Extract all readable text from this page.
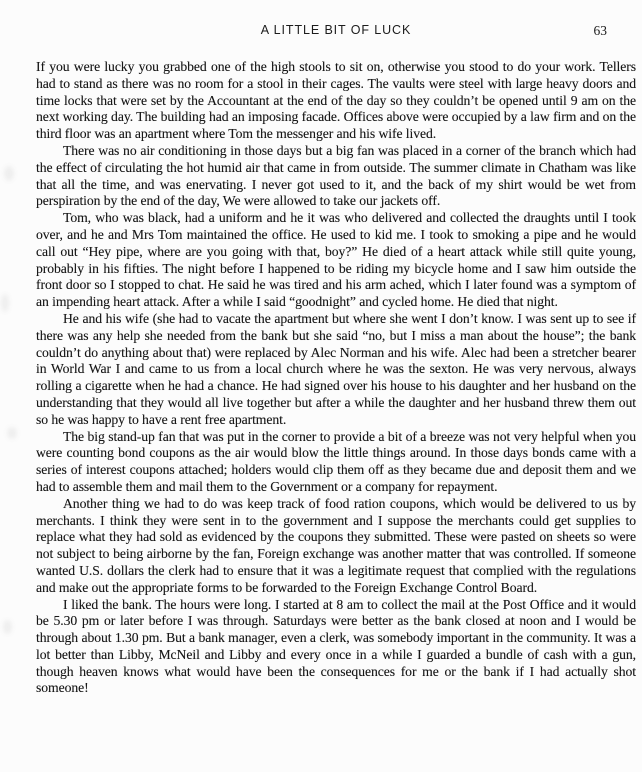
A LITTLE BIT OF LUCK	63

If you were lucky you grabbed one of the high stools to sit on, otherwise you stood to do your work. Tellers had to stand as there was no room for a stool in their cages. The vaults were steel with large heavy doors and time locks that were set by the Accountant at the end of the day so they couldn’t be opened until 9 am on the next working day. The building had an imposing facade. Offices above were occupied by a law firm and on the third floor was an apartment where Tom the messenger and his wife lived.

There was no air conditioning in those days but a big fan was placed in a corner of the branch which had the effect of circulating the hot humid air that came in from outside. The summer climate in Chatham was like that all the time, and was enervating. I never got used to it, and the back of my shirt would be wet from perspiration by the end of the day, We were allowed to take our jackets off.

Tom, who was black, had a uniform and he it was who delivered and collected the draughts until I took over, and he and Mrs Tom maintained the office. He used to kid me. I took to smoking a pipe and he would call out “Hey pipe, where are you going with that, boy?” He died of a heart attack while still quite young, probably in his fifties. The night before I happened to be riding my bicycle home and I saw him outside the front door so I stopped to chat. He said he was tired and his arm ached, which I later found was a symptom of an impending heart attack. After a while I said “goodnight” and cycled home. He died that night.

He and his wife (she had to vacate the apartment but where she went I don’t know. I was sent up to see if there was any help she needed from the bank but she said “no, but I miss a man about the house”; the bank couldn’t do anything about that) were replaced by Alec Norman and his wife. Alec had been a stretcher bearer in World War I and came to us from a local church where he was the sexton. He was very nervous, always rolling a cigarette when he had a chance. He had signed over his house to his daughter and her husband on the understanding that they would all live together but after a while the daughter and her husband threw them out so he was happy to have a rent free apartment.

The big stand-up fan that was put in the corner to provide a bit of a breeze was not very helpful when you were counting bond coupons as the air would blow the little things around. In those days bonds came with a series of interest coupons attached; holders would clip them off as they became due and deposit them and we had to assemble them and mail them to the Government or a company for repayment.

Another thing we had to do was keep track of food ration coupons, which would be delivered to us by merchants. I think they were sent in to the government and I suppose the merchants could get supplies to replace what they had sold as evidenced by the coupons they submitted. These were pasted on sheets so were not subject to being airborne by the fan, Foreign exchange was another matter that was controlled. If someone wanted U.S. dollars the clerk had to ensure that it was a legitimate request that complied with the regulations and make out the appropriate forms to be forwarded to the Foreign Exchange Control Board.

I liked the bank. The hours were long. I started at 8 am to collect the mail at the Post Office and it would be 5.30 pm or later before I was through. Saturdays were better as the bank closed at noon and I would be through about 1.30 pm. But a bank manager, even a clerk, was somebody important in the community. It was a lot better than Libby, McNeil and Libby and every once in a while I guarded a bundle of cash with a gun, though heaven knows what would have been the consequences for me or the bank if I had actually shot someone!
